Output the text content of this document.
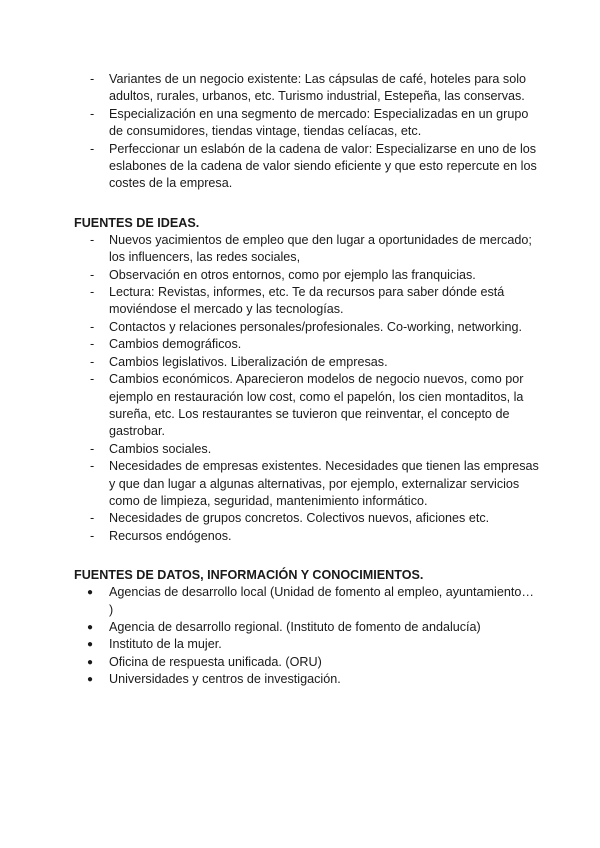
-	Variantes de un negocio existente: Las cápsulas de café, hoteles para solo adultos, rurales, urbanos, etc. Turismo industrial, Estepeña, las conservas.
-	Especialización en una segmento de mercado: Especializadas en un grupo de consumidores, tiendas vintage, tiendas celíacas, etc.
-	Perfeccionar un eslabón de la cadena de valor: Especializarse en uno de los eslabones de la cadena de valor siendo eficiente y que esto repercute en los costes de la empresa.

FUENTES DE IDEAS.

-	Nuevos yacimientos de empleo que den lugar a oportunidades de mercado; los influencers, las redes sociales,
-	Observación en otros entornos, como por ejemplo las franquicias.
-	Lectura: Revistas, informes, etc. Te da recursos para saber dónde está moviéndose el mercado y las tecnologías.
-	Contactos y relaciones personales/profesionales. Co-working, networking.
-	Cambios demográficos.
-	Cambios legislativos. Liberalización de empresas.
-	Cambios económicos. Aparecieron modelos de negocio nuevos, como por ejemplo en restauración low cost, como el papelón, los cien montaditos, la sureña, etc. Los restaurantes se tuvieron que reinventar, el concepto de gastrobar.
-	Cambios sociales.
-	Necesidades de empresas existentes. Necesidades que tienen las empresas y que dan lugar a algunas alternativas, por ejemplo, externalizar servicios como de limpieza, seguridad, mantenimiento informático.
-	Necesidades de grupos concretos. Colectivos nuevos, aficiones etc.
-	Recursos endógenos.

FUENTES DE DATOS, INFORMACIÓN Y CONOCIMIENTOS.

●	Agencias de desarrollo local (Unidad de fomento al empleo, ayuntamiento… )
●	Agencia de desarrollo regional. (Instituto de fomento de andalucía)
●	Instituto de la mujer.
●	Oficina de respuesta unificada. (ORU)
●	Universidades y centros de investigación.
